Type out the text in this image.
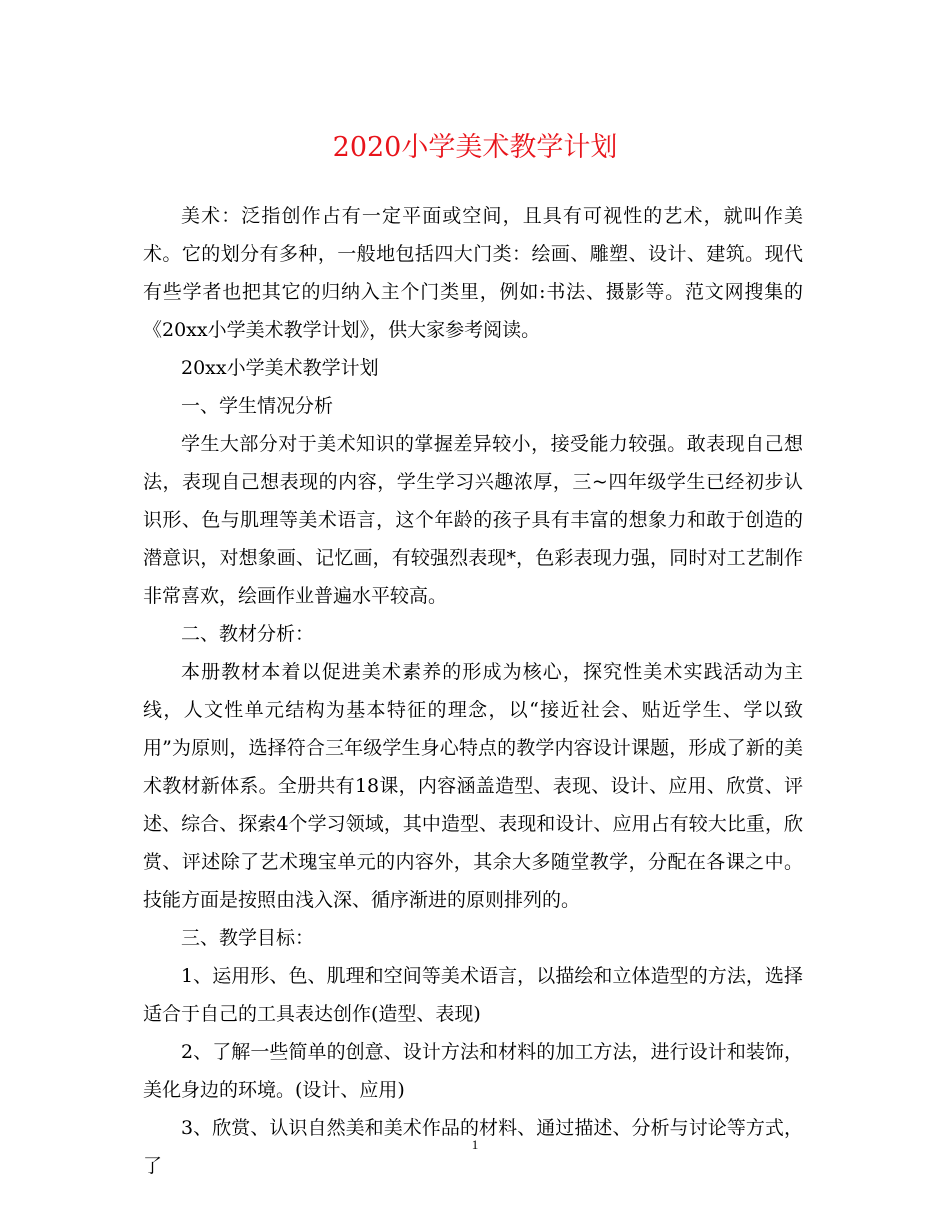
2020小学美术教学计划

美术：泛指创作占有一定平面或空间，且具有可视性的艺术，就叫作美术。它的划分有多种，一般地包括四大门类：绘画、雕塑、设计、建筑。现代有些学者也把其它的归纳入主个门类里，例如:书法、摄影等。范文网搜集的《20xx小学美术教学计划》，供大家参考阅读。

20xx小学美术教学计划

一、学生情况分析

学生大部分对于美术知识的掌握差异较小，接受能力较强。敢表现自己想法，表现自己想表现的内容，学生学习兴趣浓厚，三~四年级学生已经初步认识形、色与肌理等美术语言，这个年龄的孩子具有丰富的想象力和敢于创造的潜意识，对想象画、记忆画，有较强烈表现*，色彩表现力强，同时对工艺制作非常喜欢，绘画作业普遍水平较高。

二、教材分析：

本册教材本着以促进美术素养的形成为核心，探究性美术实践活动为主线，人文性单元结构为基本特征的理念，以“接近社会、贴近学生、学以致用”为原则，选择符合三年级学生身心特点的教学内容设计课题，形成了新的美术教材新体系。全册共有18课，内容涵盖造型、表现、设计、应用、欣赏、评述、综合、探索4个学习领域，其中造型、表现和设计、应用占有较大比重，欣赏、评述除了艺术瑰宝单元的内容外，其余大多随堂教学，分配在各课之中。技能方面是按照由浅入深、循序渐进的原则排列的。

三、教学目标：

1、运用形、色、肌理和空间等美术语言，以描绘和立体造型的方法，选择适合于自己的工具表达创作(造型、表现)

2、了解一些简单的创意、设计方法和材料的加工方法，进行设计和装饰，美化身边的环境。(设计、应用)

3、欣赏、认识自然美和美术作品的材料、通过描述、分析与讨论等方式，了

1
